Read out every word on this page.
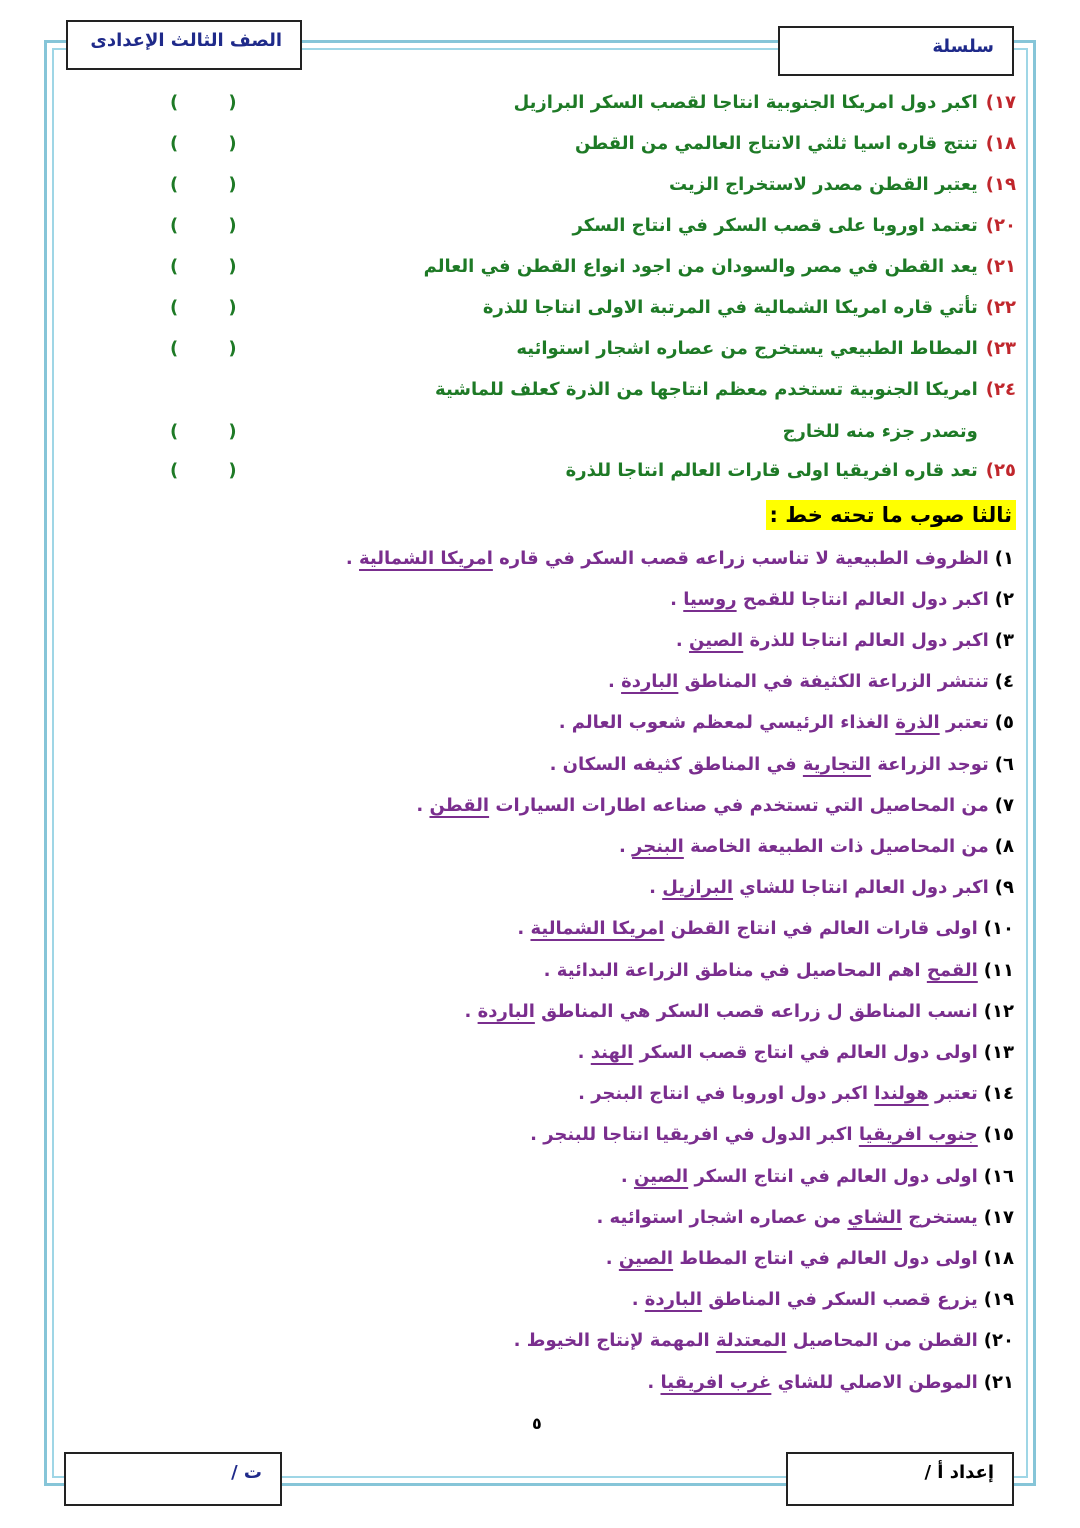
الصف الثالث الإعدادى	سلسلة
١٧)
اكبر دول امريكا الجنوبية انتاجا لقصب السكر البرازيل
(        )
١٨)
تنتج قاره اسيا ثلثي الانتاج العالمي من القطن
(        )
١٩)
يعتبر القطن مصدر لاستخراج الزيت
(        )
٢٠)
تعتمد اوروبا على قصب السكر في انتاج السكر
(        )
٢١)
يعد القطن في مصر والسودان من اجود انواع القطن في العالم
(        )
٢٢)
تأتي قاره امريكا الشمالية في المرتبة الاولى انتاجا للذرة
(        )
٢٣)
المطاط الطبيعي يستخرج من عصاره اشجار استوائيه
(        )
٢٤)
امريكا الجنوبية تستخدم معظم انتاجها من الذرة كعلف للماشية
وتصدر جزء منه للخارج
(        )
٢٥)
تعد قاره افريقيا اولى قارات العالم انتاجا للذرة
(        )
ثالثا صوب ما تحته خط :
١)
الظروف الطبيعية لا تناسب زراعه قصب السكر في قاره
امريكا الشمالية
.
٢)
اكبر دول العالم انتاجا للقمح
روسيا
.
٣)
اكبر دول العالم انتاجا للذرة
الصين
.
٤)
تنتشر الزراعة الكثيفة في المناطق
الباردة
.
٥)
تعتبر
الذرة
الغذاء الرئيسي لمعظم شعوب العالم .
٦)
توجد الزراعة
التجارية
في المناطق كثيفه السكان .
٧)
من المحاصيل التي تستخدم في صناعه اطارات السيارات
القطن
.
٨)
من المحاصيل ذات الطبيعة الخاصة
البنجر
.
٩)
اكبر دول العالم انتاجا للشاي
البرازيل
.
١٠)
اولى قارات العالم في انتاج القطن
امريكا الشمالية
.
١١)
القمح
اهم المحاصيل في مناطق الزراعة البدائية .
١٢)
انسب المناطق ل زراعه قصب السكر هي المناطق
الباردة
.
١٣)
اولى دول العالم في انتاج قصب السكر
الهند
.
١٤)
تعتبر
هولندا
اكبر دول اوروبا في انتاج البنجر .
١٥)
جنوب افريقيا
اكبر الدول في افريقيا انتاجا للبنجر .
١٦)
اولى دول العالم في انتاج السكر
الصين
.
١٧)
يستخرج
الشاي
من عصاره اشجار استوائيه .
١٨)
اولى دول العالم في انتاج المطاط
الصين
.
١٩)
يزرع قصب السكر في المناطق
الباردة
.
٢٠)
القطن من المحاصيل
المعتدلة
المهمة لإنتاج الخيوط .
٢١)
الموطن الاصلي للشاي
غرب افريقيا
.
٥
ت /	إعداد أ /
